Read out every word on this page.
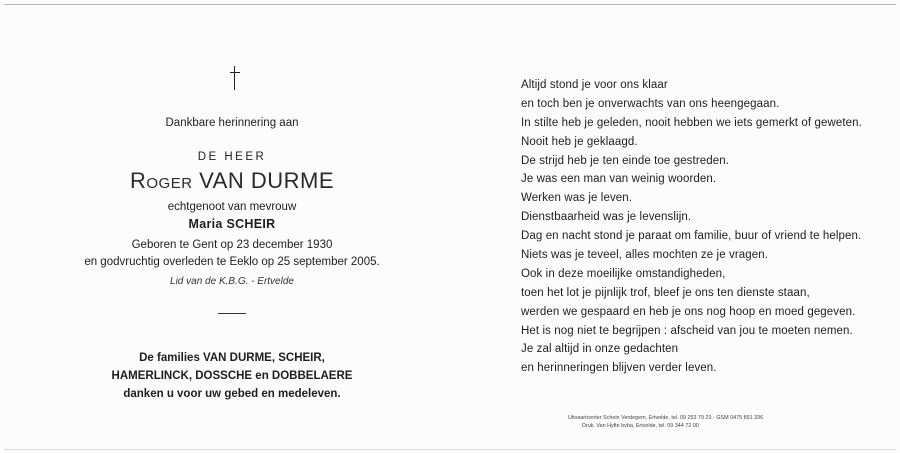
Dankbare herinnering aan
DE HEER
Roger VAN DURME
echtgenoot van mevrouw
Maria SCHEIR
Geboren te Gent op 23 december 1930
en godvruchtig overleden te Eeklo op 25 september 2005.
Lid van de K.B.G. - Ertvelde
De families VAN DURME, SCHEIR,
HAMERLINCK, DOSSCHE en DOBBELAERE
danken u voor uw gebed en medeleven.
Altijd stond je voor ons klaar
en toch ben je onverwachts van ons heengegaan.
In stilte heb je geleden, nooit hebben we iets gemerkt of geweten.
Nooit heb je geklaagd.
De strijd heb je ten einde toe gestreden.
Je was een man van weinig woorden.
Werken was je leven.
Dienstbaarheid was je levenslijn.
Dag en nacht stond je paraat om familie, buur of vriend te helpen.
Niets was je teveel, alles mochten ze je vragen.
Ook in deze moeilijke omstandigheden,
toen het lot je pijnlijk trof, bleef je ons ten dienste staan,
werden we gespaard en heb je ons nog hoop en moed gegeven.
Het is nog niet te begrijpen : afscheid van jou te moeten nemen.
Je zal altijd in onze gedachten
en herinneringen blijven verder leven.
Uitvaartcenter Schein Verdegem, Ertvelde, tel. 09 253 79 23 - GSM 0475 891 336
Druk. Van Hyfte bvba, Ertvelde, tel. 09 344 72 00
